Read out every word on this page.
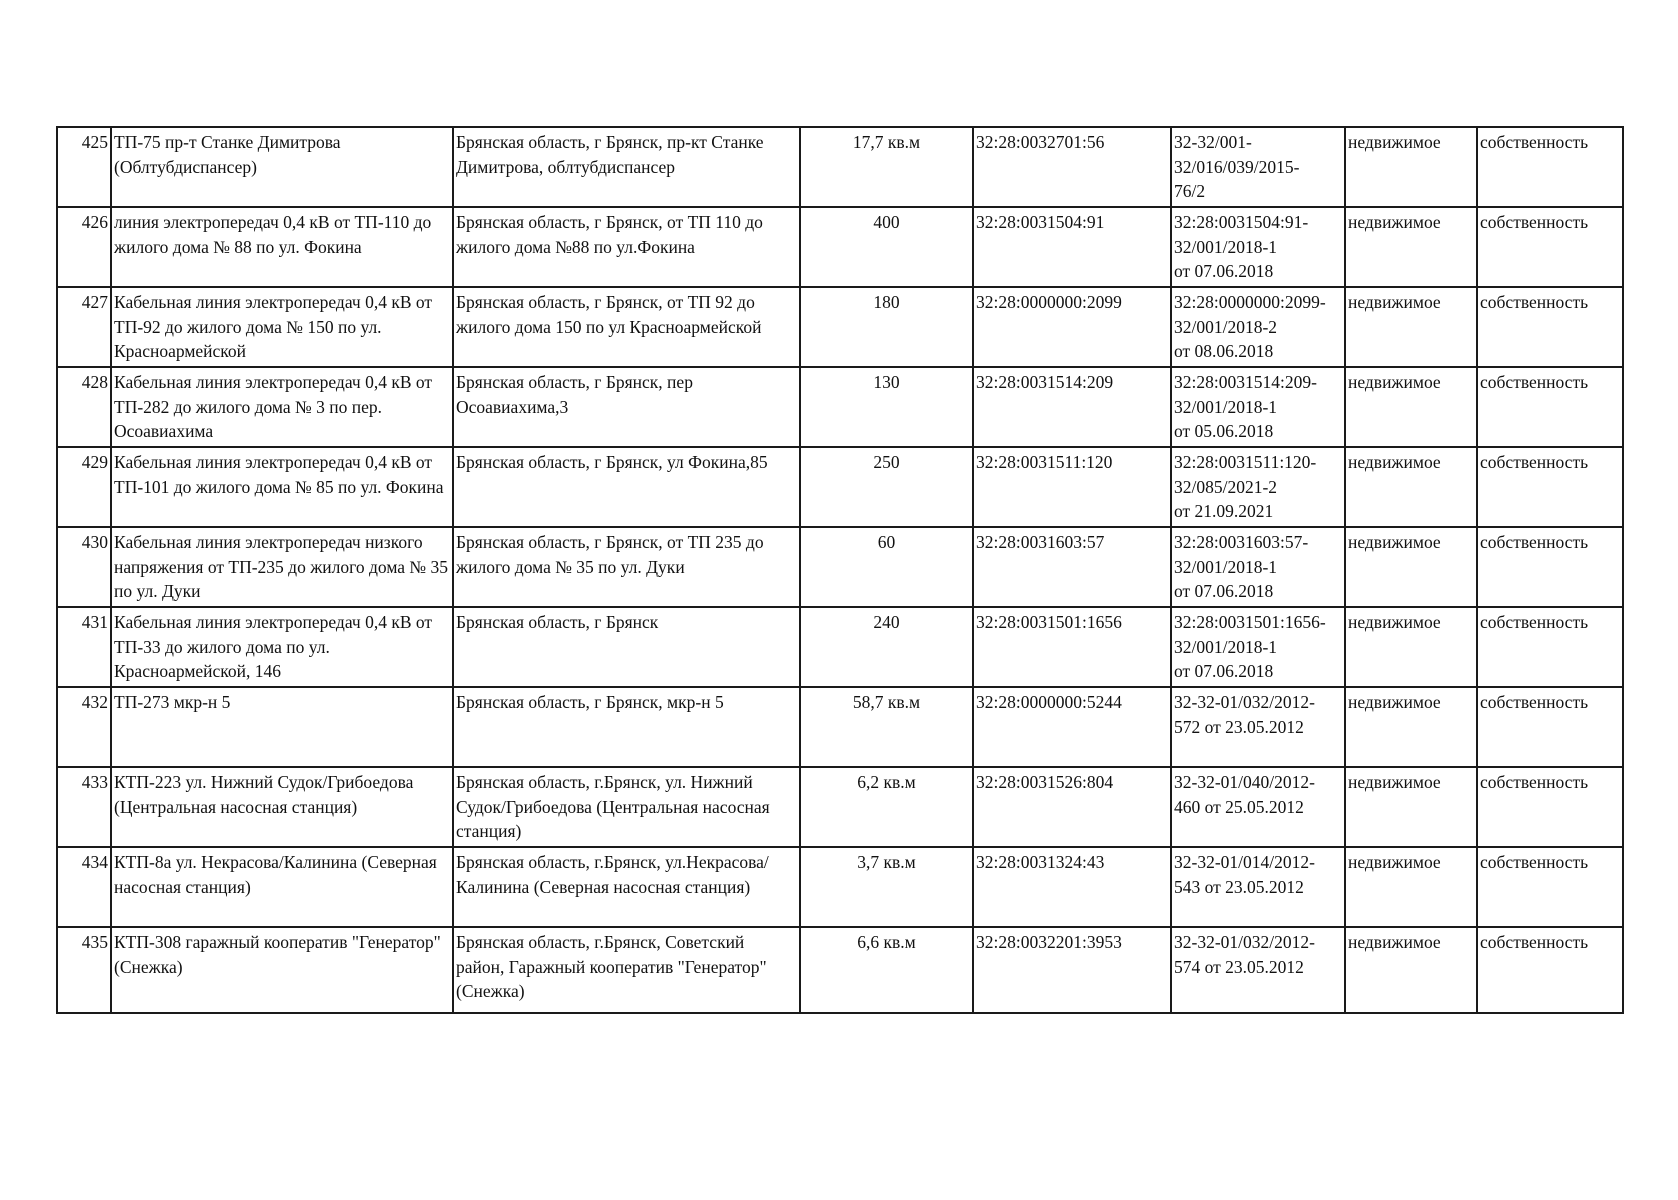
425	ТП-75 пр-т Станке Димитрова (Облтубдиспансер)	Брянская область, г Брянск, пр-кт Станке Димитрова, облтубдиспансер	17,7 кв.м	32:28:0032701:56	32-32/001-
32/016/039/2015-
76/2	недвижимое	собственность
426	линия электропередач 0,4 кВ от ТП-110 до жилого дома № 88 по ул. Фокина	Брянская область, г Брянск, от ТП 110 до жилого дома №88 по ул.Фокина	400	32:28:0031504:91	32:28:0031504:91-
32/001/2018-1
от 07.06.2018	недвижимое	собственность
427	Кабельная линия электропередач 0,4 кВ от ТП-92 до жилого дома № 150 по ул. Красноармейской	Брянская область, г Брянск, от ТП 92 до жилого дома 150 по ул Красноармейской	180	32:28:0000000:2099	32:28:0000000:2099-
32/001/2018-2
от 08.06.2018	недвижимое	собственность
428	Кабельная линия электропередач 0,4 кВ от ТП-282 до жилого дома № 3 по пер. Осоавиахима	Брянская область, г Брянск, пер Осоавиахима,3	130	32:28:0031514:209	32:28:0031514:209-
32/001/2018-1
от 05.06.2018	недвижимое	собственность
429	Кабельная линия электропередач 0,4 кВ от ТП-101 до жилого дома № 85 по ул. Фокина	Брянская область, г Брянск, ул Фокина,85	250	32:28:0031511:120	32:28:0031511:120-
32/085/2021-2
от 21.09.2021	недвижимое	собственность
430	Кабельная линия электропередач низкого напряжения от ТП-235 до жилого дома № 35 по ул. Дуки	Брянская область, г Брянск, от ТП 235 до жилого дома № 35 по ул. Дуки	60	32:28:0031603:57	32:28:0031603:57-
32/001/2018-1
от 07.06.2018	недвижимое	собственность
431	Кабельная линия электропередач 0,4 кВ от ТП-33 до жилого дома по ул. Красноармейской, 146	Брянская область, г Брянск	240	32:28:0031501:1656	32:28:0031501:1656-
32/001/2018-1
от 07.06.2018	недвижимое	собственность
432	ТП-273 мкр-н 5	Брянская область, г Брянск, мкр-н 5	58,7 кв.м	32:28:0000000:5244	32-32-01/032/2012-
572 от 23.05.2012	недвижимое	собственность
433	КТП-223 ул. Нижний Судок/Грибоедова (Центральная насосная станция)	Брянская область, г.Брянск, ул. Нижний Судок/Грибоедова (Центральная насосная станция)	6,2 кв.м	32:28:0031526:804	32-32-01/040/2012-
460 от 25.05.2012	недвижимое	собственность
434	КТП-8а ул. Некрасова/Калинина (Северная насосная станция)	Брянская область, г.Брянск, ул.Некрасова/Калинина (Северная насосная станция)	3,7 кв.м	32:28:0031324:43	32-32-01/014/2012-
543 от 23.05.2012	недвижимое	собственность
435	КТП-308 гаражный кооператив "Генератор" (Снежка)	Брянская область, г.Брянск, Советский район, Гаражный кооператив "Генератор" (Снежка)	6,6 кв.м	32:28:0032201:3953	32-32-01/032/2012-
574 от 23.05.2012	недвижимое	собственность
